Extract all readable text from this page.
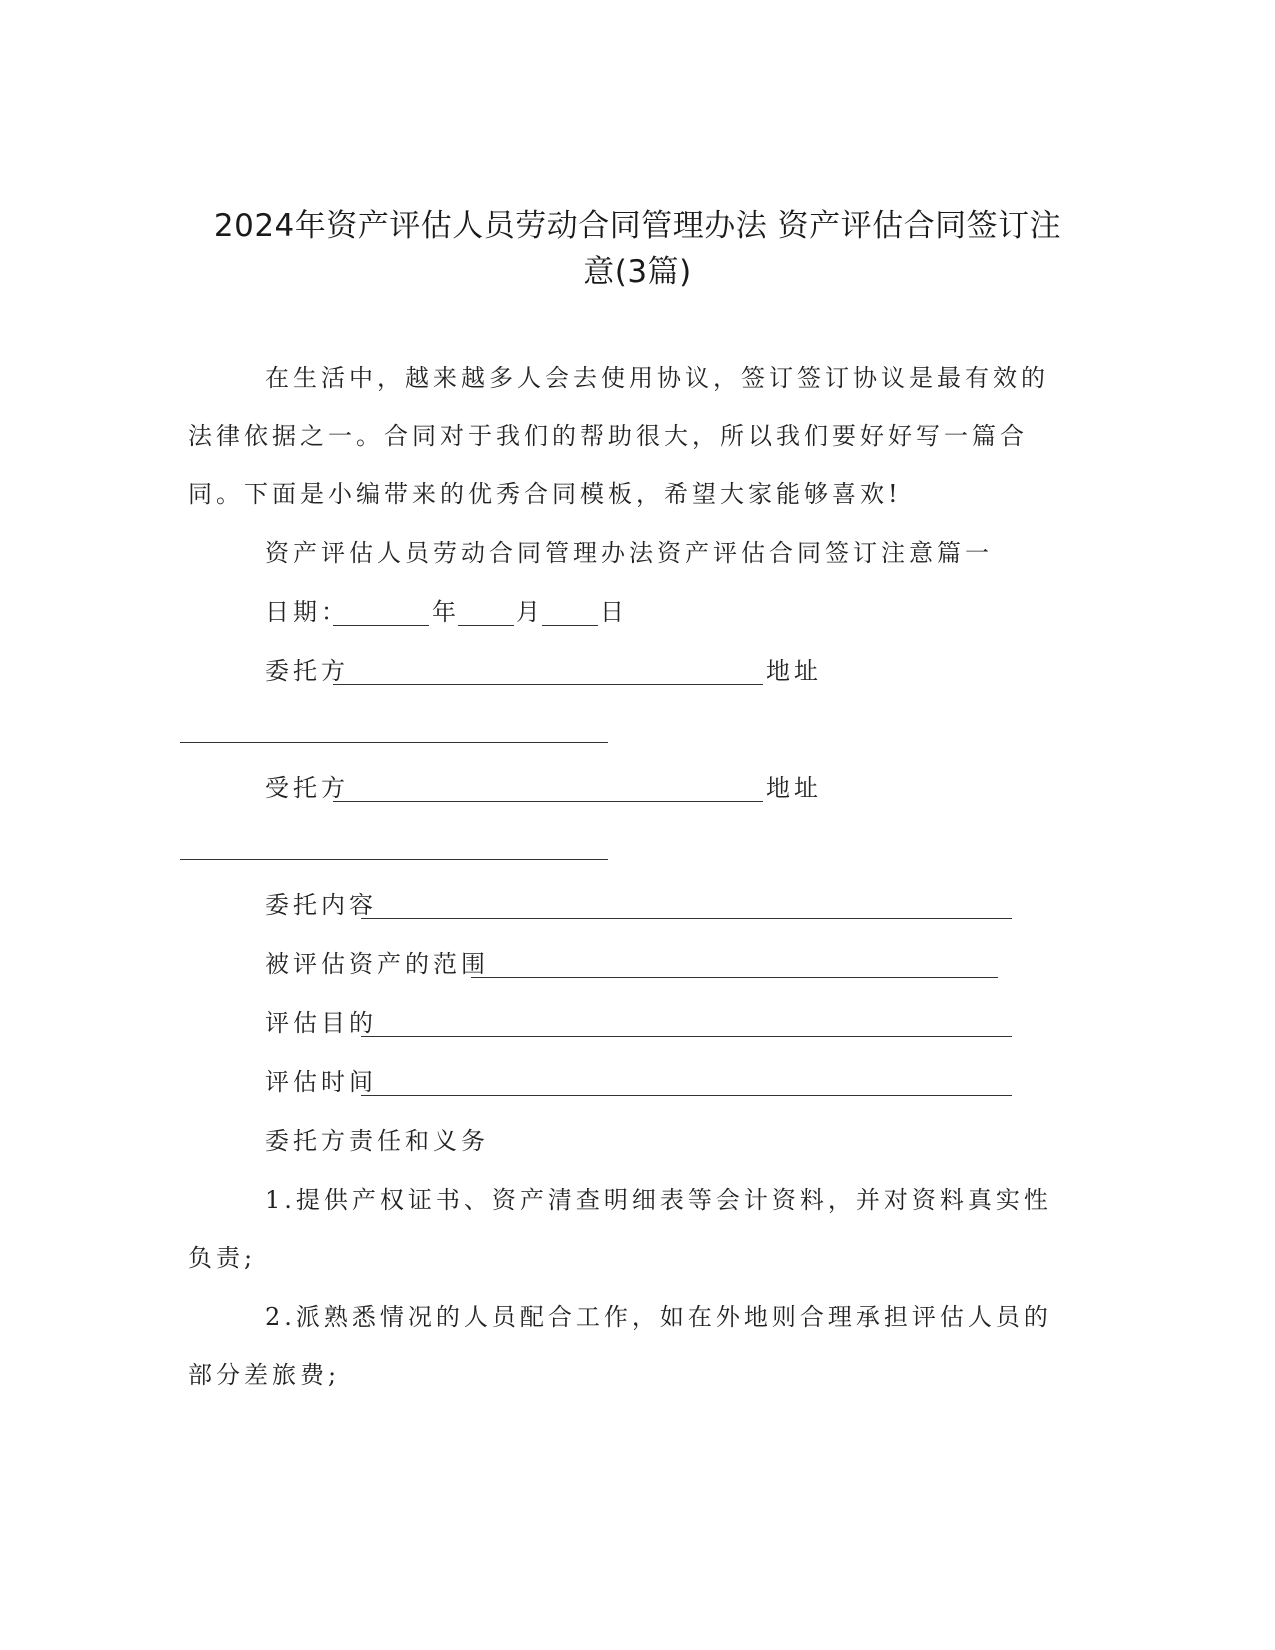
2024年资产评估人员劳动合同管理办法 资产评估合同签订注
意(3篇)
在生活中，越来越多人会去使用协议，签订签订协议是最有效的
法律依据之一。合同对于我们的帮助很大，所以我们要好好写一篇合
同。下面是小编带来的优秀合同模板，希望大家能够喜欢!
资产评估人员劳动合同管理办法资产评估合同签订注意篇一
日期：	年 月 日
委托方	地址
受托方	地址
委托内容
被评估资产的范围
评估目的
评估时间
委托方责任和义务
1.提供产权证书、资产清查明细表等会计资料，并对资料真实性
负责;
2.派熟悉情况的人员配合工作，如在外地则合理承担评估人员的
部分差旅费;
